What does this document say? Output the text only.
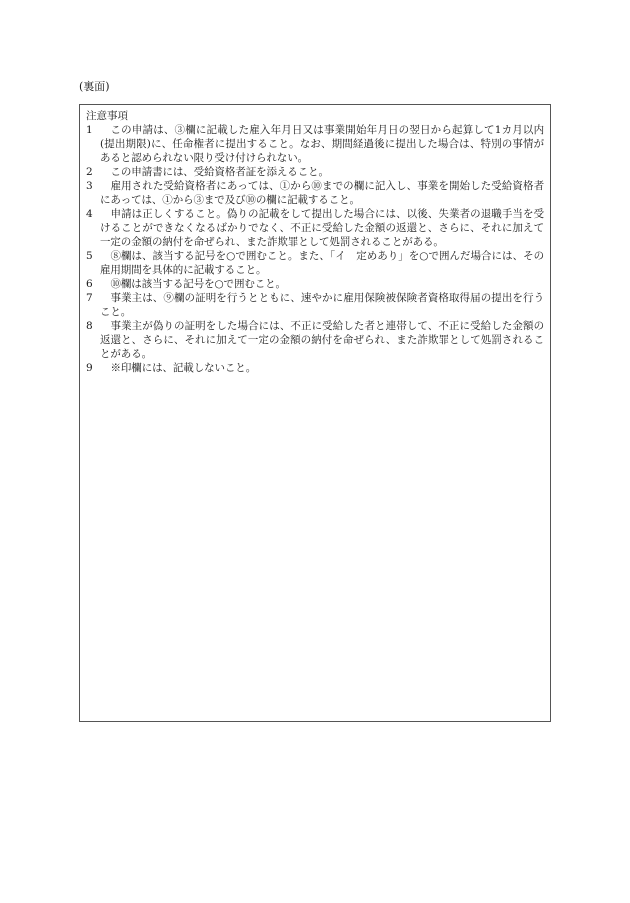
(裏面)
注意事項
1	この申請は、③欄に記載した雇入年月日又は事業開始年月日の翌日から起算して1カ月以内(提出期限)に、任命権者に提出すること。なお、期間経過後に提出した場合は、特別の事情があると認められない限り受け付けられない。
2	この申請書には、受給資格者証を添えること。
3	雇用された受給資格者にあっては、①から⑩までの欄に記入し、事業を開始した受給資格者にあっては、①から③まで及び⑩の欄に記載すること。
4	申請は正しくすること。偽りの記載をして提出した場合には、以後、失業者の退職手当を受けることができなくなるばかりでなく、不正に受給した金額の返還と、さらに、それに加えて一定の金額の納付を命ぜられ、また詐欺罪として処罰されることがある。
5	⑧欄は、該当する記号を○で囲むこと。また、「イ　定めあり」を○で囲んだ場合には、その雇用期間を具体的に記載すること。
6	⑩欄は該当する記号を○で囲むこと。
7	事業主は、⑨欄の証明を行うとともに、速やかに雇用保険被保険者資格取得届の提出を行うこと。
8	事業主が偽りの証明をした場合には、不正に受給した者と連帯して、不正に受給した金額の返還と、さらに、それに加えて一定の金額の納付を命ぜられ、また詐欺罪として処罰されることがある。
9	※印欄には、記載しないこと。
